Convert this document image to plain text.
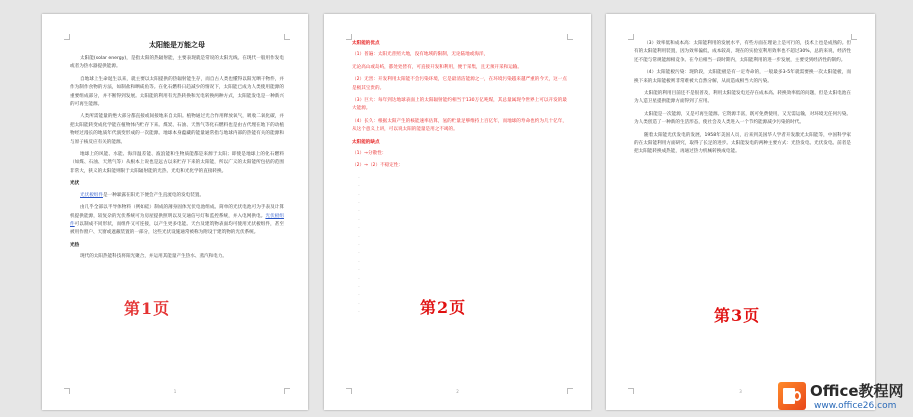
太阳能是万能之母

太阳能(solar energy)，是指太阳的热辐射能，主要表现就是常说的太阳光线。在现代一般用作发电或者为热水器提供能源。

自地球上生命诞生以来，就主要以太阳提供的热辐射能生存，而自古人类也懂得以阳光晒干物件，并作为制作食物的方法，如制盐和晒咸鱼等。在化石燃料日趋减少的情况下，太阳能已成为人类使用能源的重要组成部分，并不断得到发展。太阳能的利用有光热转换和光电转换两种方式，太阳能发电是一种新兴的可再生能源。

人类所需能量的绝大部分都直接或间接地来自太阳。植物通过光合作用释放氧气，吸收二氧化碳，并把太阳能转变成化学能在植物体内贮存下来。煤炭、石油、天然气等化石燃料也是由古代埋在地下的动植物经过漫长的地质年代演变形成的一次能源。地球本身蕴藏的能量通常指与地球内部的热能有关的能源和与原子核反应有关的能源。

地球上的风能、水能、海洋温差能、波浪能和生物质能都是来源于太阳；即使是地球上的化石燃料（如煤、石油、天然气等）从根本上说也是远古以来贮存下来的太阳能，所以广义的太阳能所包括的范围非常大，狭义的太阳能则限于太阳辐射能的光热、光电和光化学的直接转换。

光伏

光伏板组件是一种暴露在阳光下便会产生直流电的发电装置。

由几乎全部以半导体物料（例如硅）制成的薄身固体光伏电池组成。简单的光伏电池可为手表及计算机提供能源，较复杂的光伏系统可为房屋提供照明以及交通信号灯和监控系统，并入电网供电。光伏板组件可以制成不同形状，而组件又可连接，以产生更多电能。天台及建筑物表面均可使用光伏板组件，甚至被用作窗户、天窗或遮蔽装置的一部分，这些光伏设施通常被称为附设于建筑物的光伏系统。

光热

现代的太阳热能科技将阳光聚合，并运用其能量产生热水、蒸汽和电力。

第1页
1

太阳能的优点

（1）普遍：太阳光普照大地，没有地域的限制，无论陆地或海洋，

无论高山或岛屿，都处处皆有，可直接开发和利用，便于采集，且无须开采和运输。

（2）无害：开发利用太阳能不会污染环境，它是最清洁能源之一，在环境污染越来越严重的今天，这一点是极其宝贵的。

（3）巨大：每年到达地球表面上的太阳辐射能约相当于130万亿吨煤，其总量属现今世界上可以开发的最大能源。

（4）长久：根据太阳产生的核能速率估算，氢的贮量足够维持上百亿年，而地球的寿命也约为几十亿年，从这个意义上讲，可以说太阳的能量是用之不竭的。

太阳能的缺点

（1）→分散性：

（2）→（2）不稳定性：

·
·
·
·
·
·
·
·
·
·
·
·
·
·
·
·
·
第2页
2

（3）效率低和成本高：太阳能利用的发展水平，有些方面在理论上是可行的，技术上也是成熟的。但有的太阳能利用装置，因为效率偏低，成本较高，现在的实验室利用效率也不超过30%，总的来说，经济性还不能与常规能源相竞争。在今后相当一段时期内，太阳能利用的进一步发展，主要受到经济性的制约。

（4）太阳能板污染：现阶段，太阳能板是有一定寿命的，一般最多3-5年就需要换一次太阳能板，而换下来的太阳能板则非常难被大自然分解，从而造成相当大的污染。

太阳能的利用目前还不是很普及，利用太阳能发电还存在成本高、转换效率低的问题，但是太阳电池在为人造卫星提供能源方面得到了应用。

太阳能是一次能源，又是可再生能源。它资源丰富，既可免费使用，又无需运输，对环境无任何污染。为人类创造了一种新的生活形态，使社会及人类进入一个节约能源减少污染的时代。

随着太阳能光伏发电的发展，1958年美国人员，后来到美国华人学者开发激光太阳能等，中国科学家的在太阳能利用方面研究，取得了长足的进步。太阳能发电的两种主要方式：光热发电、光伏发电。前者是把太阳能转换成热能，再通过热力机械转换成电能。

第3页
3	Office教程网
www.office26.com
